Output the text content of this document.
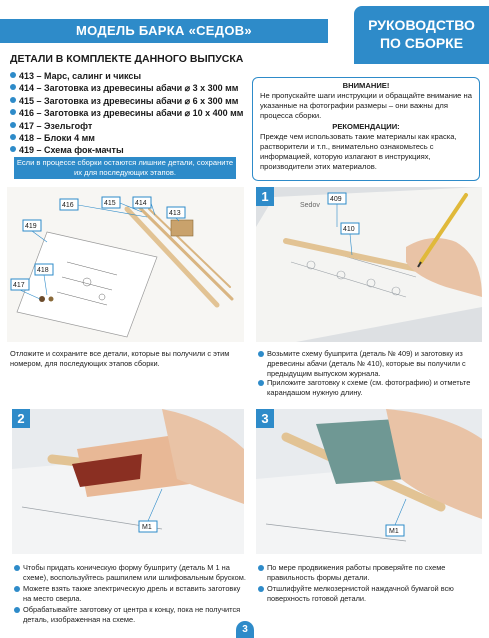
МОДЕЛЬ БАРКА «СЕДОВ»	РУКОВОДСТВО
ПО СБОРКЕ
ДЕТАЛИ В КОМПЛЕКТЕ ДАННОГО ВЫПУСКА
413 – Марс, салинг и чиксы
414 – Заготовка из древесины абачи ⌀ 3 х 300 мм
415 – Заготовка из древесины абачи ⌀ 6 х 300 мм
416 – Заготовка из древесины абачи ⌀ 10 х 400 мм
417 – Эзельгофт
418 – Блоки 4 мм
419 – Схема фок-мачты
Если в процессе сборки остаются лишние детали, сохраните их для последующих этапов.
ВНИМАНИЕ!

Не пропускайте шаги инструкции и обращайте внимание на указанные на фотографии размеры – они важны для процесса сборки.

РЕКОМЕНДАЦИИ:

Прежде чем использовать такие материалы как краска, растворители и т.п., внимательно ознакомьтесь с информацией, которую излагают в инструкциях, производители этих материалов.

416	415	414
413
419
418
417
Sedov
409
410
1
Отложите и сохраните все детали, которые вы получили с этим номером, для последующих этапов сборки.
Возьмите схему бушприта (деталь № 409) и заготовку из древесины абачи (деталь № 410), которые вы получили с предыдущим выпуском журнала.
Приложите заготовку к схеме (см. фотографию) и отметьте карандашом нужную длину.
M1
2
M1
3
Чтобы придать коническую форму бушприту (деталь М 1 на схеме), воспользуйтесь рашпилем или шлифовальным бруском.
Можете взять также электрическую дрель и вставить заготовку на место сверла.
Обрабатывайте заготовку от центра к концу, пока не получится деталь, изображенная на схеме.
По мере продвижения работы проверяйте по схеме правильность формы детали.
Отшлифуйте мелкозернистой наждачной бумагой всю поверхность готовой детали.
3
